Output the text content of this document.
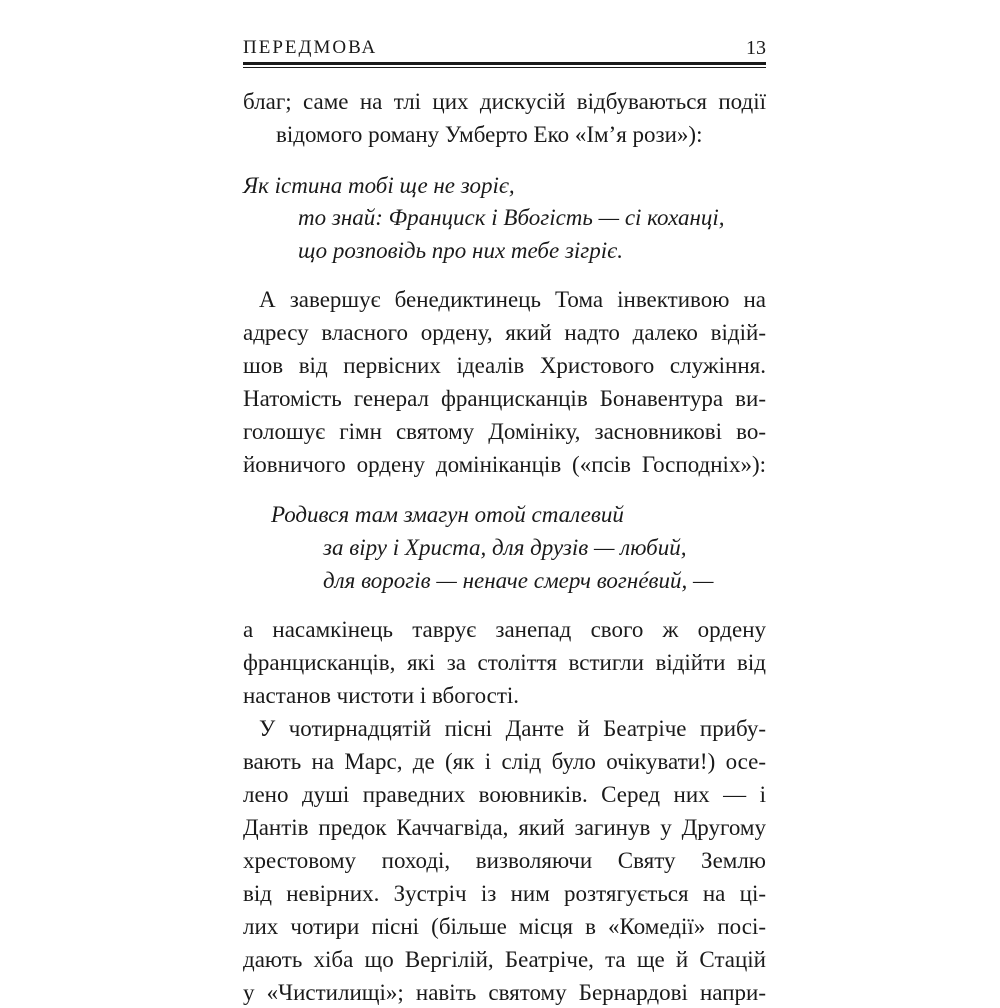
ПЕРЕДМОВА	13
благ; саме на тлі цих дискусій відбуваються події
відомого роману Умберто Еко «Ім’я рози»):
Як істина тобі ще не зоріє,
то знай: Франциск і Вбогість — сі коханці,
що розповідь про них тебе зігріє.
А завершує бенедиктинець Тома інвективою на
адресу власного ордену, який надто далеко відій-
шов від первісних ідеалів Христового служіння.
Натомість генерал францисканців Бонавентура ви-
голошує гімн святому Домініку, засновникові во-
йовничого ордену домініканців («псів Господніх»):
Родився там змагун отой сталевий
за віру і Христа, для друзів — любий,
для ворогів — неначе смерч вогнéвий, —
а насамкінець таврує занепад свого ж ордену
францисканців, які за століття встигли відійти від
настанов чистоти і вбогості.
У чотирнадцятій пісні Данте й Беатріче прибу-
вають на Марс, де (як і слід було очікувати!) осе-
лено душі праведних воювників. Серед них — і
Дантів предок Каччагвіда, який загинув у Другому
хрестовому поході, визволяючи Святу Землю
від невірних. Зустріч із ним розтягується на ці-
лих чотири пісні (більше місця в «Комедії» посі-
дають хіба що Вергілій, Беатріче, та ще й Стацій
у «Чистилищі»; навіть святому Бернардові напри-
